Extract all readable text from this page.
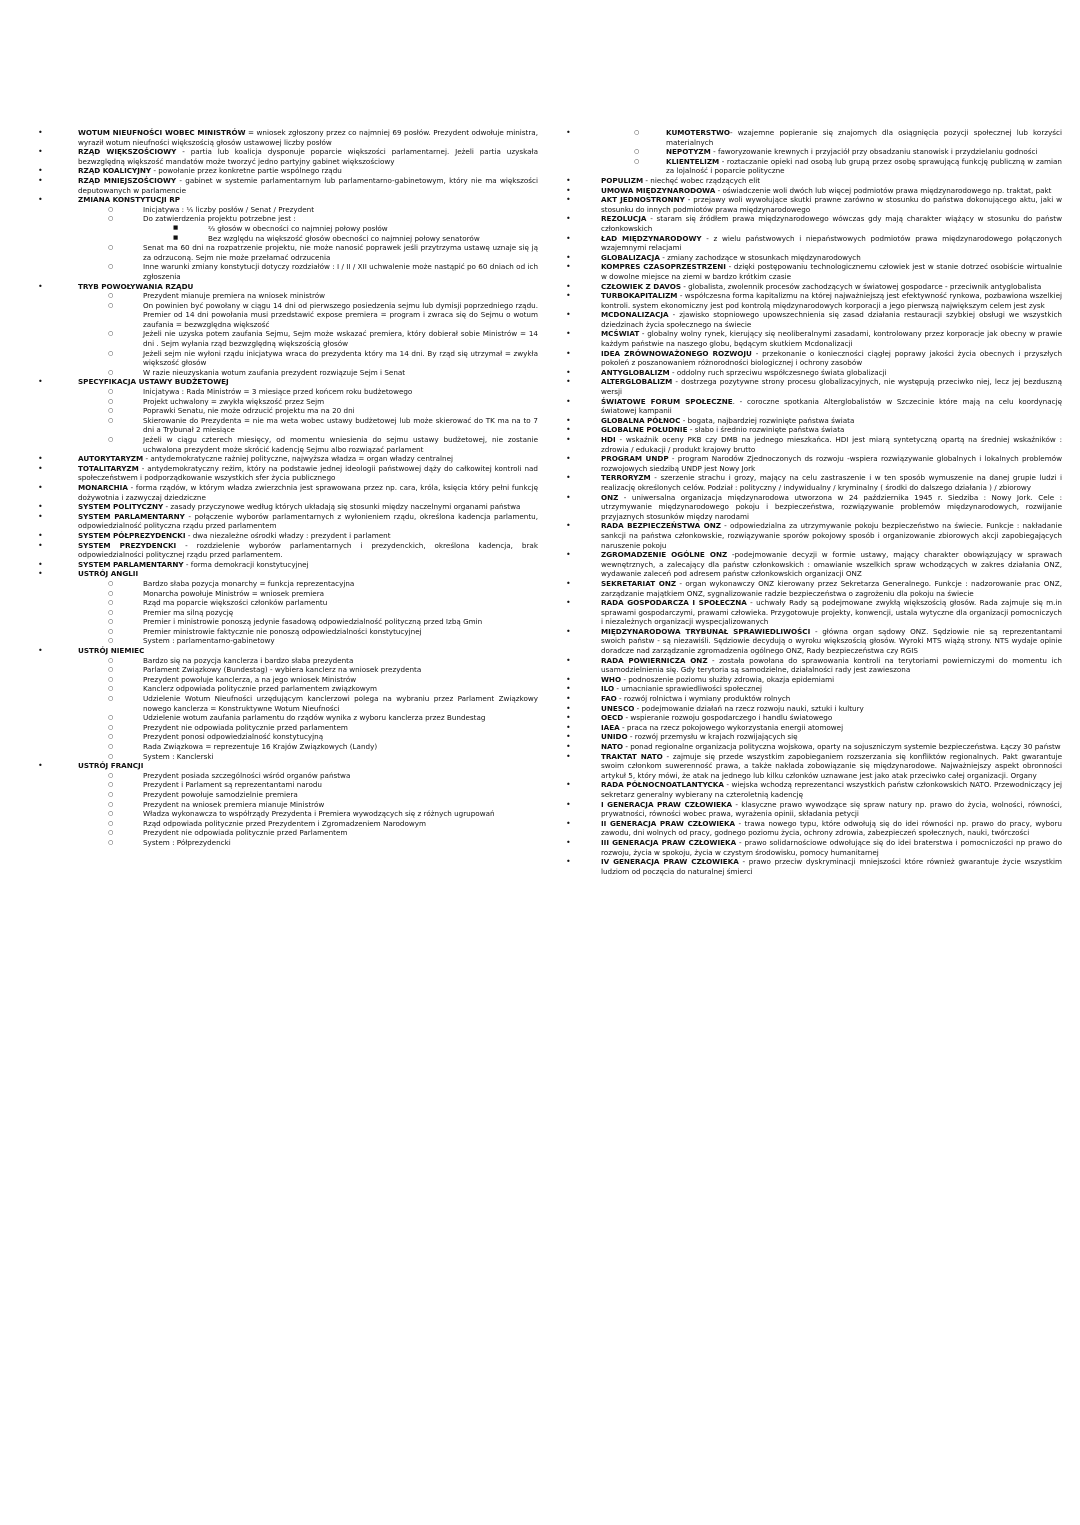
• WOTUM NIEUFNOŚCI WOBEC MINISTRÓW = wniosek zgłoszony przez co najmniej 69 posłów. Prezydent odwołuje ministra, wyraził wotum nieufności większością głosów ustawowej liczby posłów
• RZĄD WIĘKSZOŚCIOWY - partia lub koalicja dysponuje poparcie większości parlamentarnej. Jeżeli partia uzyskała bezwzględną większość mandatów może tworzyć jedno partyjny gabinet większościowy
• RZĄD KOALICYJNY - powołanie przez konkretne partie wspólnego rządu
• RZĄD MNIEJSZOŚCIOWY - gabinet w systemie parlamentarnym lub parlamentarno-gabinetowym, który nie ma większości deputowanych w parlamencie
• ZMIANA KONSTYTUCJI RP
○ Inicjatywa : ⅕ liczby posłów / Senat / Prezydent
○ Do zatwierdzenia projektu potrzebne jest :
■ ⅔ głosów w obecności co najmniej połowy posłów
■ Bez względu na większość głosów obecności co najmniej połowy senatorów
○ Senat ma 60 dni na rozpatrzenie projektu, nie może nanosić poprawek jeśli przytrzyma ustawę uznaje się ją za odrzuconą. Sejm nie może przełamać odrzucenia
○ Inne warunki zmiany konstytucji dotyczy rozdziałów : I / II / XII uchwalenie może nastąpić po 60 dniach od ich zgłoszenia
• TRYB POWOŁYWANIA RZĄDU
○ Prezydent mianuje premiera na wniosek ministrów
○ On powinien być powołany w ciągu 14 dni od pierwszego posiedzenia sejmu lub dymisji poprzedniego rządu. Premier od 14 dni powołania musi przedstawić expose premiera = program i zwraca się do Sejmu o wotum zaufania = bezwzględna większość
○ Jeżeli nie uzyska potem zaufania Sejmu, Sejm może wskazać premiera, który dobierał sobie Ministrów = 14 dni . Sejm wyłania rząd bezwzględną większością głosów
○ Jeżeli sejm nie wyłoni rządu inicjatywa wraca do prezydenta który ma 14 dni. By rząd się utrzymał = zwykła większość głosów
○ W razie nieuzyskania wotum zaufania prezydent rozwiązuje Sejm i Senat
• SPECYFIKACJA USTAWY BUDŻETOWEJ
○ Inicjatywa : Rada Ministrów = 3 miesiące przed końcem roku budżetowego
○ Projekt uchwalony = zwykła większość przez Sejm
○ Poprawki Senatu, nie może odrzucić projektu ma na 20 dni
○ Skierowanie do Prezydenta = nie ma weta wobec ustawy budżetowej lub może skierować do TK ma na to 7 dni a Trybunał 2 miesiące
○ Jeżeli w ciągu czterech miesięcy, od momentu wniesienia do sejmu ustawy budżetowej, nie zostanie uchwalona prezydent może skrócić kadencję Sejmu albo rozwiązać parlament
• AUTORYTARYZM - antydemokratyczne rażniej polityczne, najwyższa władza = organ władzy centralnej
• TOTALITARYZM - antydemokratyczny reżim, który na podstawie jednej ideologii państwowej dąży do całkowitej kontroli nad społeczeństwem i podporządkowanie wszystkich sfer życia publicznego
• MONARCHIA - forma rządów, w którym władza zwierzchnia jest sprawowana przez np. cara, króla, księcia który pełni funkcję dożywotnia i zazwyczaj dziedziczne
• SYSTEM POLITYCZNY - zasady przyczynowe według których układają się stosunki między naczelnymi organami państwa
• SYSTEM PARLAMENTARNY - połączenie wyborów parlamentarnych z wyłonieniem rządu, określona kadencja parlamentu, odpowiedzialność polityczna rządu przed parlamentem
• SYSTEM PÓŁPREZYDENCKI - dwa niezależne ośrodki władzy : prezydent i parlament
• SYSTEM PREZYDENCKI - rozdzielenie wyborów parlamentarnych i prezydenckich, określona kadencja, brak odpowiedzialności politycznej rządu przed parlamentem.
• SYSTEM PARLAMENTARNY - forma demokracji konstytucyjnej
• USTRÓJ ANGLII
○ Bardzo słaba pozycja monarchy = funkcja reprezentacyjna
○ Monarcha powołuje Ministrów = wniosek premiera
○ Rząd ma poparcie większości członków parlamentu
○ Premier ma silną pozycję
○ Premier i ministrowie ponoszą jedynie fasadową odpowiedzialność polityczną przed Izbą Gmin
○ Premier ministrowie faktycznie nie ponoszą odpowiedzialności konstytucyjnej
○ System : parlamentarno-gabinetowy
• USTRÓJ NIEMIEC
○ Bardzo się na pozycja kanclerza i bardzo słaba prezydenta
○ Parlament Związkowy (Bundestag) - wybiera kanclerz na wniosek prezydenta
○ Prezydent powołuje kanclerza, a na jego wniosek Ministrów
○ Kanclerz odpowiada politycznie przed parlamentem związkowym
○ Udzielenie Wotum Nieufności urzędującym kanclerzowi polega na wybraniu przez Parlament Związkowy nowego kanclerza = Konstruktywne Wotum Nieufności
○ Udzielenie wotum zaufania parlamentu do rządów wynika z wyboru kanclerza przez Bundestag
○ Prezydent nie odpowiada politycznie przed parlamentem
○ Prezydent ponosi odpowiedzialność konstytucyjną
○ Rada Związkowa = reprezentuje 16 Krajów Związkowych (Landy)
○ System : Kanclerski
• USTRÓJ FRANCJI
○ Prezydent posiada szczególności wśród organów państwa
○ Prezydent i Parlament są reprezentantami narodu
○ Prezydent powołuje samodzielnie premiera
○ Prezydent na wniosek premiera mianuje Ministrów
○ Władza wykonawcza to współrządy Prezydenta i Premiera wywodzących się z różnych ugrupowań
○ Rząd odpowiada politycznie przed Prezydentem i Zgromadzeniem Narodowym
○ Prezydent nie odpowiada politycznie przed Parlamentem
○ System : Półprezydencki
○ KUMOTERSTWO- wzajemne popieranie się znajomych dla osiągnięcia pozycji społecznej lub korzyści materialnych
○ NEPOTYZM - faworyzowanie krewnych i przyjaciół przy obsadzaniu stanowisk i przydzielaniu godności
○ KLIENTELIZM - roztaczanie opieki nad osobą lub grupą przez osobę sprawującą funkcję publiczną w zamian za lojalność i poparcie polityczne
• POPULIZM - niechęć wobec rządzących elit
• UMOWA MIĘDZYNARODOWA - oświadczenie woli dwóch lub więcej podmiotów prawa międzynarodowego np. traktat, pakt
• AKT JEDNOSTRONNY - przejawy woli wywołujące skutki prawne zarówno w stosunku do państwa dokonującego aktu, jaki w stosunku do innych podmiotów prawa międzynarodowego
• REZOLUCJA - staram się źródłem prawa międzynarodowego wówczas gdy mają charakter wiążący w stosunku do państw członkowskich
• ŁAD MIĘDZYNARODOWY - z wielu państwowych i niepaństwowych podmiotów prawa międzynarodowego połączonych wzajemnymi relacjami
• GLOBALIZACJA - zmiany zachodzące w stosunkach międzynarodowych
• KOMPRES CZASOPRZESTRZENI - dzięki postępowaniu technologicznemu człowiek jest w stanie dotrzeć osobiście wirtualnie w dowolne miejsce na ziemi w bardzo krótkim czasie
• CZŁOWIEK Z DAVOS - globalista, zwolennik procesów zachodzących w światowej gospodarce - przeciwnik antyglobalista
• TURBOKAPITALIZM - współczesna forma kapitalizmu na której najważniejszą jest efektywność rynkowa, pozbawiona wszelkiej kontroli. system ekonomiczny jest pod kontrolą międzynarodowych korporacji a jego pierwszą największym celem jest zysk
• MCDONALIZACJA - zjawisko stopniowego upowszechnienia się zasad działania restauracji szybkiej obsługi we wszystkich dziedzinach życia społecznego na świecie
• MCŚWIAT - globalny wolny rynek, kierujący się neoliberalnymi zasadami, kontrolowany przez korporacje jak obecny w prawie każdym państwie na naszego globu, będącym skutkiem Mcdonalizacji
• IDEA ZRÓWNOWAŻONEGO ROZWOJU - przekonanie o konieczności ciągłej poprawy jakości życia obecnych i przyszłych pokoleń z poszanowaniem różnorodności biologicznej i ochrony zasobów
• ANTYGLOBALIZM - oddolny ruch sprzeciwu współczesnego świata globalizacji
• ALTERGLOBALIZM - dostrzega pozytywne strony procesu globalizacyjnych, nie występują przeciwko niej, lecz jej bezduszną wersji
• ŚWIATOWE FORUM SPOŁECZNE. - coroczne spotkania Alterglobalistów w Szczecinie które mają na celu koordynację światowej kampanii
• GLOBALNA PÓŁNOC - bogata, najbardziej rozwinięte państwa świata
• GLOBALNE POŁUDNIE - słabo i średnio rozwinięte państwa świata
• HDI - wskaźnik oceny PKB czy DMB na jednego mieszkańca. HDI jest miarą syntetyczną opartą na średniej wskaźników : zdrowia / edukacji / produkt krajowy brutto
• PROGRAM UNDP - program Narodów Zjednoczonych ds rozwoju -wspiera rozwiązywanie globalnych i lokalnych problemów rozwojowych siedzibą UNDP jest Nowy Jork
• TERRORYZM - szerzenie strachu i grozy, mający na celu zastraszenie i w ten sposób wymuszenie na danej grupie ludzi i realizację określonych celów. Podział : polityczny / indywidualny / kryminalny ( środki do dalszego działania ) / zbiorowy
• ONZ - uniwersalna organizacja międzynarodowa utworzona w 24 października 1945 r. Siedziba : Nowy Jork. Cele : utrzymywanie międzynarodowego pokoju i bezpieczeństwa, rozwiązywanie problemów międzynarodowych, rozwijanie przyjaznych stosunków między narodami
• RADA BEZPIECZEŃSTWA ONZ - odpowiedzialna za utrzymywanie pokoju bezpieczeństwo na świecie. Funkcje : nakładanie sankcji na państwa członkowskie, rozwiązywanie sporów pokojowy sposób i organizowanie zbiorowych akcji zapobiegających naruszenie pokoju
• ZGROMADZENIE OGÓLNE ONZ -podejmowanie decyzji w formie ustawy, mający charakter obowiązujący w sprawach wewnętrznych, a zalecający dla państw członkowskich : omawianie wszelkich spraw wchodzących w zakres działania ONZ, wydawanie zaleceń pod adresem państw członkowskich organizacji ONZ
• SEKRETARIAT ONZ - organ wykonawczy ONZ kierowany przez Sekretarza Generalnego. Funkcje : nadzorowanie prac ONZ, zarządzanie majątkiem ONZ, sygnalizowanie radzie bezpieczeństwa o zagrożeniu dla pokoju na świecie
• RADA GOSPODARCZA I SPOŁECZNA - uchwały Rady są podejmowane zwykłą większością głosów. Rada zajmuje się m.in sprawami gospodarczymi, prawami człowieka. Przygotowuje projekty, konwencji, ustala wytyczne dla organizacji pomocniczych i niezależnych organizacji wyspecjalizowanych
• MIĘDZYNARODOWA TRYBUNAŁ SPRAWIEDLIWOŚCI - główna organ sądowy ONZ. Sędziowie nie są reprezentantami swoich państw - są niezawiśli. Sędziowie decydują o wyroku większością głosów. Wyroki MTS wiążą strony. NTS wydaje opinie doradcze nad zarządzanie zgromadzenia ogólnego ONZ, Rady bezpieczeństwa czy RGIS
• RADA POWIERNICZA ONZ - została powołana do sprawowania kontroli na terytoriami powierniczymi do momentu ich usamodzielnienia się. Gdy terytoria są samodzielne, działalności rady jest zawieszona
• WHO - podnoszenie poziomu służby zdrowia, okazja epidemiami
• ILO - umacnianie sprawiedliwości społecznej
• FAO - rozwój rolnictwa i wymiany produktów rolnych
• UNESCO - podejmowanie działań na rzecz rozwoju nauki, sztuki i kultury
• OECD - wspieranie rozwoju gospodarczego i handlu światowego
• IAEA - praca na rzecz pokojowego wykorzystania energii atomowej
• UNIDO - rozwój przemysłu w krajach rozwijających się
• NATO - ponad regionalne organizacja polityczna wojskowa, oparty na sojuszniczym systemie bezpieczeństwa. Łączy 30 państw
• TRAKTAT NATO - zajmuje się przede wszystkim zapobieganiem rozszerzania się konfliktów regionalnych. Pakt gwarantuje swoim członkom suwerenność prawa, a także nakłada zobowiązanie się międzynarodowe. Najważniejszy aspekt obronności artykuł 5, który mówi, że atak na jednego lub kilku członków uznawane jest jako atak przeciwko całej organizacji. Organy
• RADA PÓŁNOCNOATLANTYCKA - wiejska wchodzą reprezentanci wszystkich państw członkowskich NATO. Przewodniczący jej sekretarz generalny wybierany na czteroletnią kadencję
• I GENERACJA PRAW CZŁOWIEKA - klasyczne prawo wywodzące się spraw natury np. prawo do życia, wolności, równości, prywatności, równości wobec prawa, wyrażenia opinii, składania petycji
• II GENERACJA PRAW CZŁOWIEKA - trawa nowego typu, które odwołują się do idei równości np. prawo do pracy, wyboru zawodu, dni wolnych od pracy, godnego poziomu życia, ochrony zdrowia, zabezpieczeń społecznych, nauki, twórczości
• III GENERACJA PRAW CZŁOWIEKA - prawo solidarnościowe odwołujące się do idei braterstwa i pomocniczości np prawo do rozwoju, życia w spokoju, życia w czystym środowisku, pomocy humanitarnej
• IV GENERACJA PRAW CZŁOWIEKA - prawo przeciw dyskryminacji mniejszości które również gwarantuje życie wszystkim ludziom od poczęcia do naturalnej śmierci
